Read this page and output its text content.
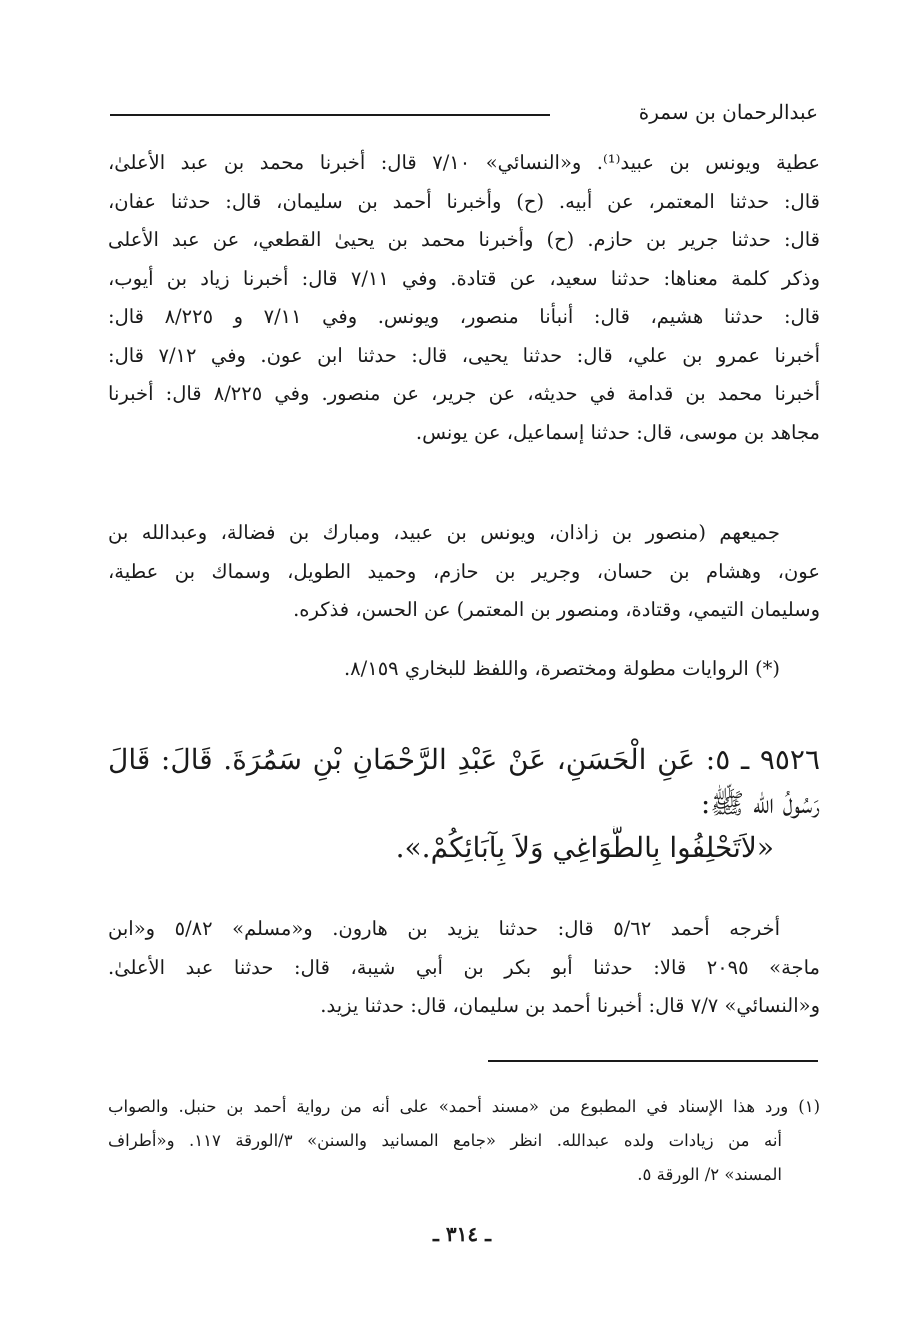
عبدالرحمان بن سمرة
عطية ويونس بن عبيد⁽¹⁾. و«النسائي» ٧/١٠ قال: أخبرنا محمد بن عبد الأعلىٰ،
قال: حدثنا المعتمر، عن أبيه. (ح) وأخبرنا أحمد بن سليمان، قال: حدثنا عفان،
قال: حدثنا جرير بن حازم. (ح) وأخبرنا محمد بن يحيىٰ القطعي، عن عبد الأعلى
وذكر كلمة معناها: حدثنا سعيد، عن قتادة. وفي ٧/١١ قال: أخبرنا زياد بن أيوب،
قال: حدثنا هشيم، قال: أنبأنا منصور، ويونس. وفي ٧/١١ و ٨/٢٢٥ قال:
أخبرنا عمرو بن علي، قال: حدثنا يحيى، قال: حدثنا ابن عون. وفي ٧/١٢ قال:
أخبرنا محمد بن قدامة في حديثه، عن جرير، عن منصور. وفي ٨/٢٢٥ قال: أخبرنا
مجاهد بن موسى، قال: حدثنا إسماعيل، عن يونس.
جميعهم (منصور بن زاذان، ويونس بن عبيد، ومبارك بن فضالة، وعبدالله بن
عون، وهشام بن حسان، وجرير بن حازم، وحميد الطويل، وسماك بن عطية،
وسليمان التيمي، وقتادة، ومنصور بن المعتمر) عن الحسن، فذكره.
(*) الروايات مطولة ومختصرة، واللفظ للبخاري ٨/١٥٩.
٩٥٢٦ ـ ٥: عَنِ الْحَسَنِ، عَنْ عَبْدِ الرَّحْمَانِ بْنِ سَمُرَةَ. قَالَ: قَالَ
رَسُولُ الله ﷺ:
«لاَتَحْلِفُوا بِالطَّوَاغِي وَلاَ بِآبَائِكُمْ.».
أخرجه أحمد ٥/٦٢ قال: حدثنا يزيد بن هارون. و«مسلم» ٥/٨٢ و«ابن
ماجة» ٢٠٩٥ قالا: حدثنا أبو بكر بن أبي شيبة، قال: حدثنا عبد الأعلىٰ.
و«النسائي» ٧/٧ قال: أخبرنا أحمد بن سليمان، قال: حدثنا يزيد.
(١) ورد هذا الإسناد في المطبوع من «مسند أحمد» على أنه من رواية أحمد بن حنبل. والصواب
أنه من زيادات ولده عبدالله. انظر «جامع المسانيد والسنن» ٣/الورقة ١١٧. و«أطراف
المسند» ٢/ الورقة ٥.
ـ ٣١٤ ـ
